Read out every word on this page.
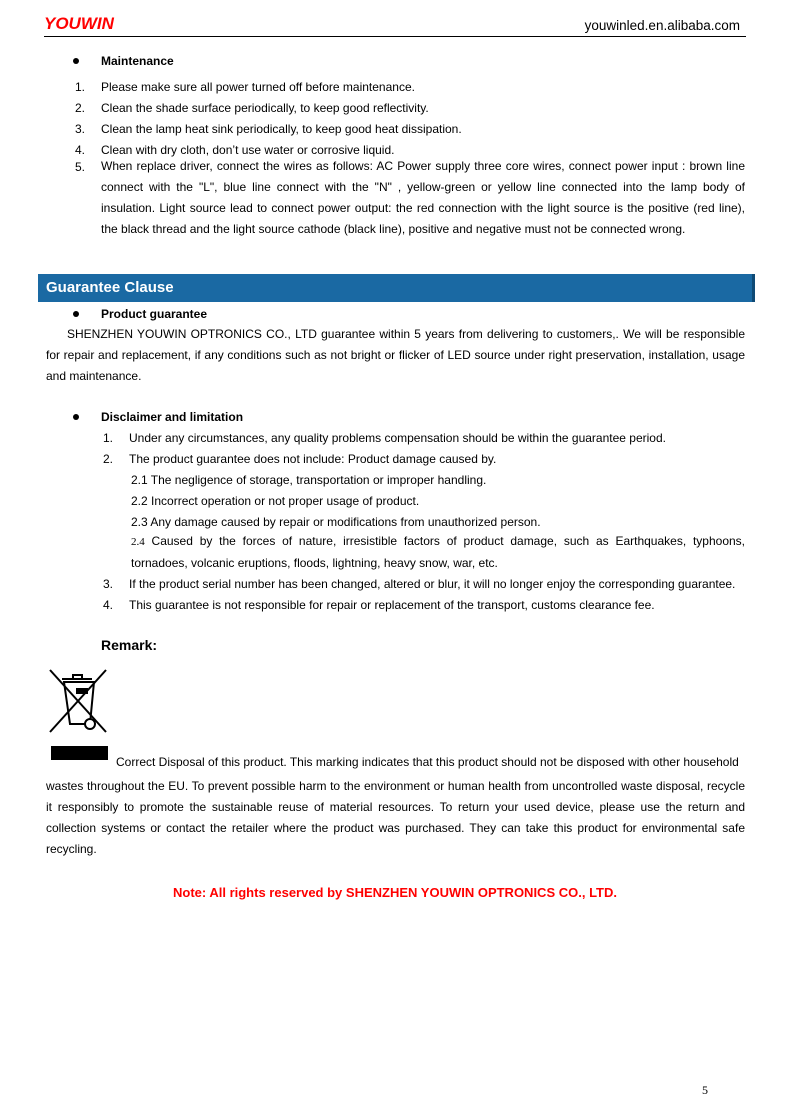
YOUWIN	youwinled.en.alibaba.com
Maintenance
1.	Please make sure all power turned off before maintenance.
2.	Clean the shade surface periodically, to keep good reflectivity.
3.	Clean the lamp heat sink periodically, to keep good heat dissipation.
4.	Clean with dry cloth, don’t use water or corrosive liquid.
5.	When replace driver, connect the wires as follows: AC Power supply three core wires, connect power input : brown line connect with the "L", blue line connect with the "N" , yellow-green or yellow line connected into the lamp body of insulation. Light source lead to connect power output: the red connection with the light source is the positive (red line), the black thread and the light source cathode (black line), positive and negative must not be connected wrong.
Guarantee Clause
Product guarantee
SHENZHEN YOUWIN OPTRONICS CO., LTD guarantee within 5 years from delivering to customers,. We will be responsible for repair and replacement, if any conditions such as not bright or flicker of LED source under right preservation, installation, usage and maintenance.
Disclaimer and limitation
1.	Under any circumstances, any quality problems compensation should be within the guarantee period.
2.	The product guarantee does not include: Product damage caused by.
2.1 The negligence of storage, transportation or improper handling.
2.2 Incorrect operation or not proper usage of product.
2.3 Any damage caused by repair or modifications from unauthorized person.
2.4 Caused by the forces of nature, irresistible factors of product damage, such as Earthquakes, typhoons, tornadoes, volcanic eruptions, floods, lightning, heavy snow, war, etc.
3.	If the product serial number has been changed, altered or blur, it will no longer enjoy the corresponding guarantee.
4.	This guarantee is not responsible for repair or replacement of the transport, customs clearance fee.
Remark:
Correct Disposal of this product. This marking indicates that this product should not be disposed with other household
wastes throughout the EU. To prevent possible harm to the environment or human health from uncontrolled waste disposal, recycle it responsibly to promote the sustainable reuse of material resources. To return your used device, please use the return and collection systems or contact the retailer where the product was purchased. They can take this product for environmental safe recycling.
Note: All rights reserved by SHENZHEN YOUWIN OPTRONICS CO., LTD.
5
